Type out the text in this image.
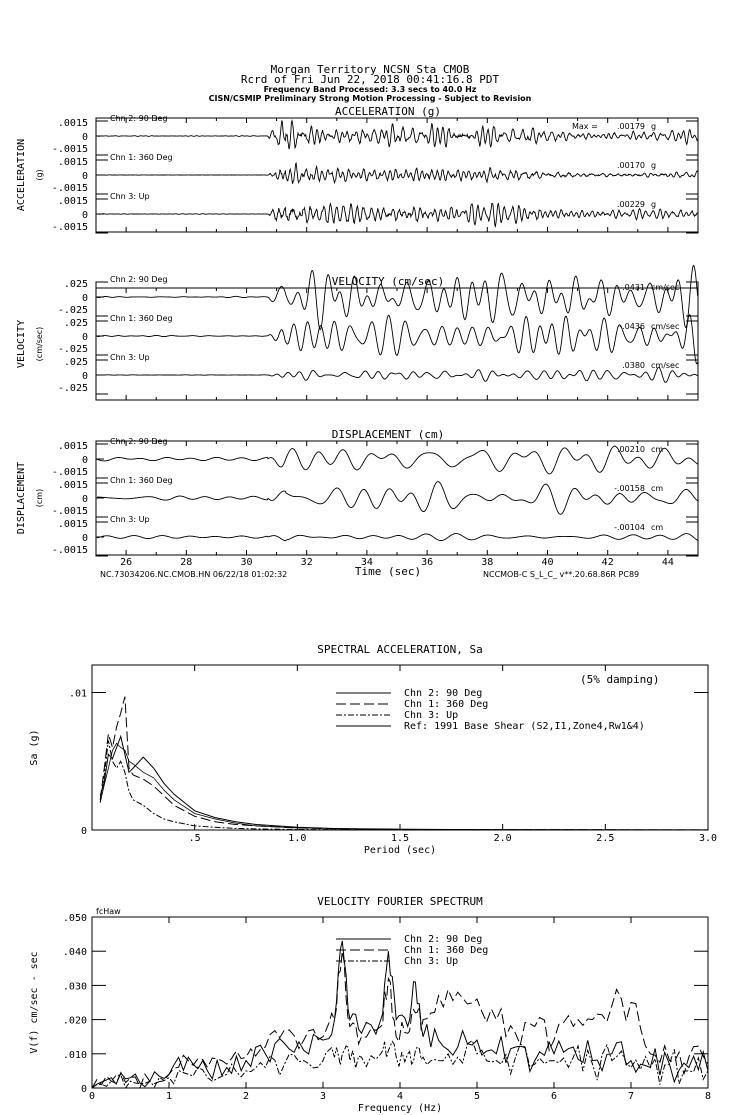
Morgan Territory NCSN Sta CMOB
Rcrd of Fri Jun 22, 2018 00:41:16.8 PDT
Frequency Band Processed: 3.3 secs to 40.0 Hz
CISN/CSMIP Preliminary Strong Motion Processing - Subject to Revision
ACCELERATION (g)
ACCELERATION (g)
.0015
0
-.0015
Chn 2: 90 Deg
Max = .00179 g
.0015
0
-.0015
Chn 1: 360 Deg
.00170 g
.0015
0
-.0015
Chn 3: Up
.00229 g
VELOCITY (cm/sec)
VELOCITY (cm/sec)
.025
0
-.025
Chn 2: 90 Deg
-.0431 cm/sec
.025
0
-.025
Chn 1: 360 Deg
-.0436 cm/sec
.025
0
-.025
Chn 3: Up
.0380 cm/sec
DISPLACEMENT (cm)
DISPLACEMENT (cm)
.0015
0
-.0015
Chn 2: 90 Deg
.00210 cm
.0015
0
-.0015
Chn 1: 360 Deg
-.00158 cm
.0015
0
-.0015
Chn 3: Up
-.00104 cm
Time (sec)
NC.73034206.NC.CMOB.HN 06/22/18 01:02:32	NCCMOB-C S_L_C_ v**.20.68.86R PC89
26	28	30	32	34	36	38	40	42	44
SPECTRAL ACCELERATION, Sa
.5	1.0	1.5	2.0	2.5	3.0
0
.01
Period (sec)
Sa (g)
Chn 2: 90 Deg
Chn 1: 360 Deg
Chn 3: Up
Ref: 1991 Base Shear (S2,I1,Zone4,Rw1&4)
(5% damping)
VELOCITY FOURIER SPECTRUM
0	1	2	3	4	5	6	7	8
0
.010
.020
.030
.040
.050
Frequency (Hz)
V(f) cm/sec - sec
Chn 2: 90 Deg
Chn 1: 360 Deg
Chn 3: Up
fcHaw
